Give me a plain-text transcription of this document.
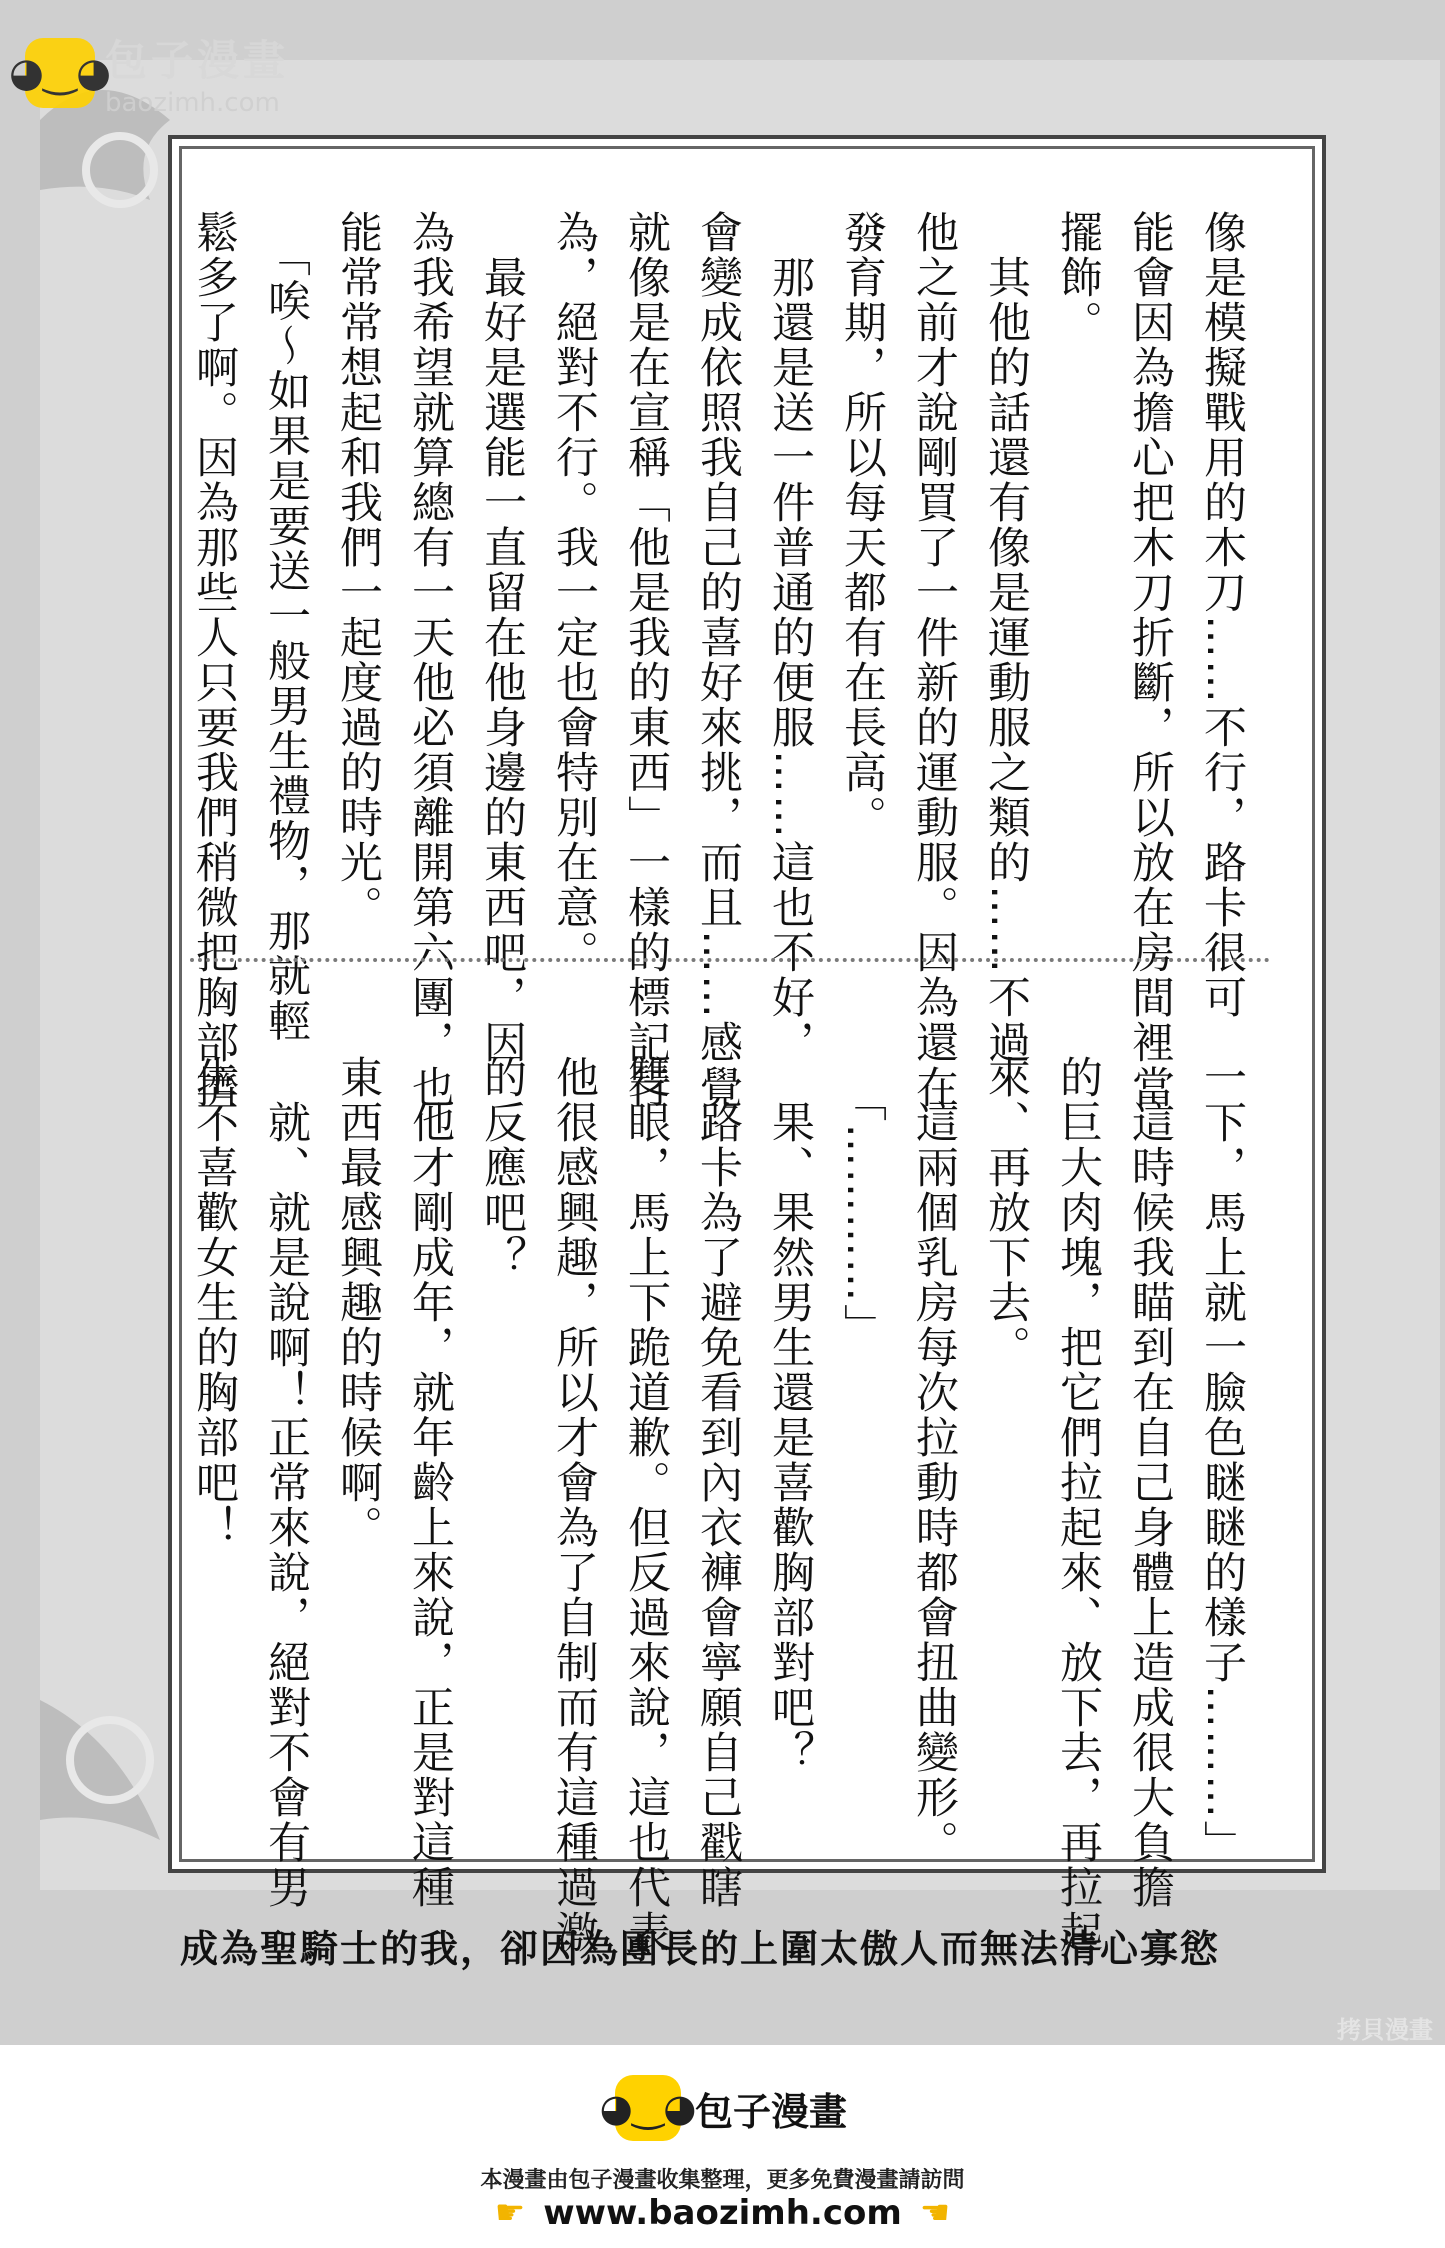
像是模擬戰用的木刀……不行，路卡很可
能會因為擔心把木刀折斷，所以放在房間裡當
擺飾。
　其他的話還有像是運動服之類的……不過
他之前才說剛買了一件新的運動服。因為還在
發育期，所以每天都有在長高。
　那還是送一件普通的便服……這也不好，
會變成依照我自己的喜好來挑，而且……感覺
就像是在宣稱「他是我的東西」一樣的標記行
為，絕對不行。我一定也會特別在意。
　最好是選能一直留在他身邊的東西吧，因
為我希望就算總有一天他必須離開第六團，也
能常常想起和我們一起度過的時光。
　「唉～如果是要送一般男生禮物，那就輕
鬆多了啊。因為那些人只要我們稍微把胸部擠
一下，馬上就一臉色瞇瞇的樣子………」
　這時候我瞄到在自己身體上造成很大負擔
的巨大肉塊，把它們拉起來、放下去，再拉起
來、再放下去。
　這兩個乳房每次拉動時都會扭曲變形。
　「…………」
　果、果然男生還是喜歡胸部對吧？
　路卡為了避免看到內衣褲會寧願自己戳瞎
雙眼，馬上下跪道歉。但反過來說，這也代表
他很感興趣，所以才會為了自制而有這種過激
的反應吧？
　他才剛成年，就年齡上來說，正是對這種
東西最感興趣的時候啊。
　就、就是說啊！正常來說，絕對不會有男
生不喜歡女生的胸部吧！
◕‿◕
包子漫畫
baozimh.com
成為聖騎士的我，卻因為團長的上圍太傲人而無法清心寡慾
拷貝漫畫
◕‿◕
包子漫畫
本漫畫由包子漫畫收集整理，更多免費漫畫請訪問
☛ www.baozimh.com ☚
